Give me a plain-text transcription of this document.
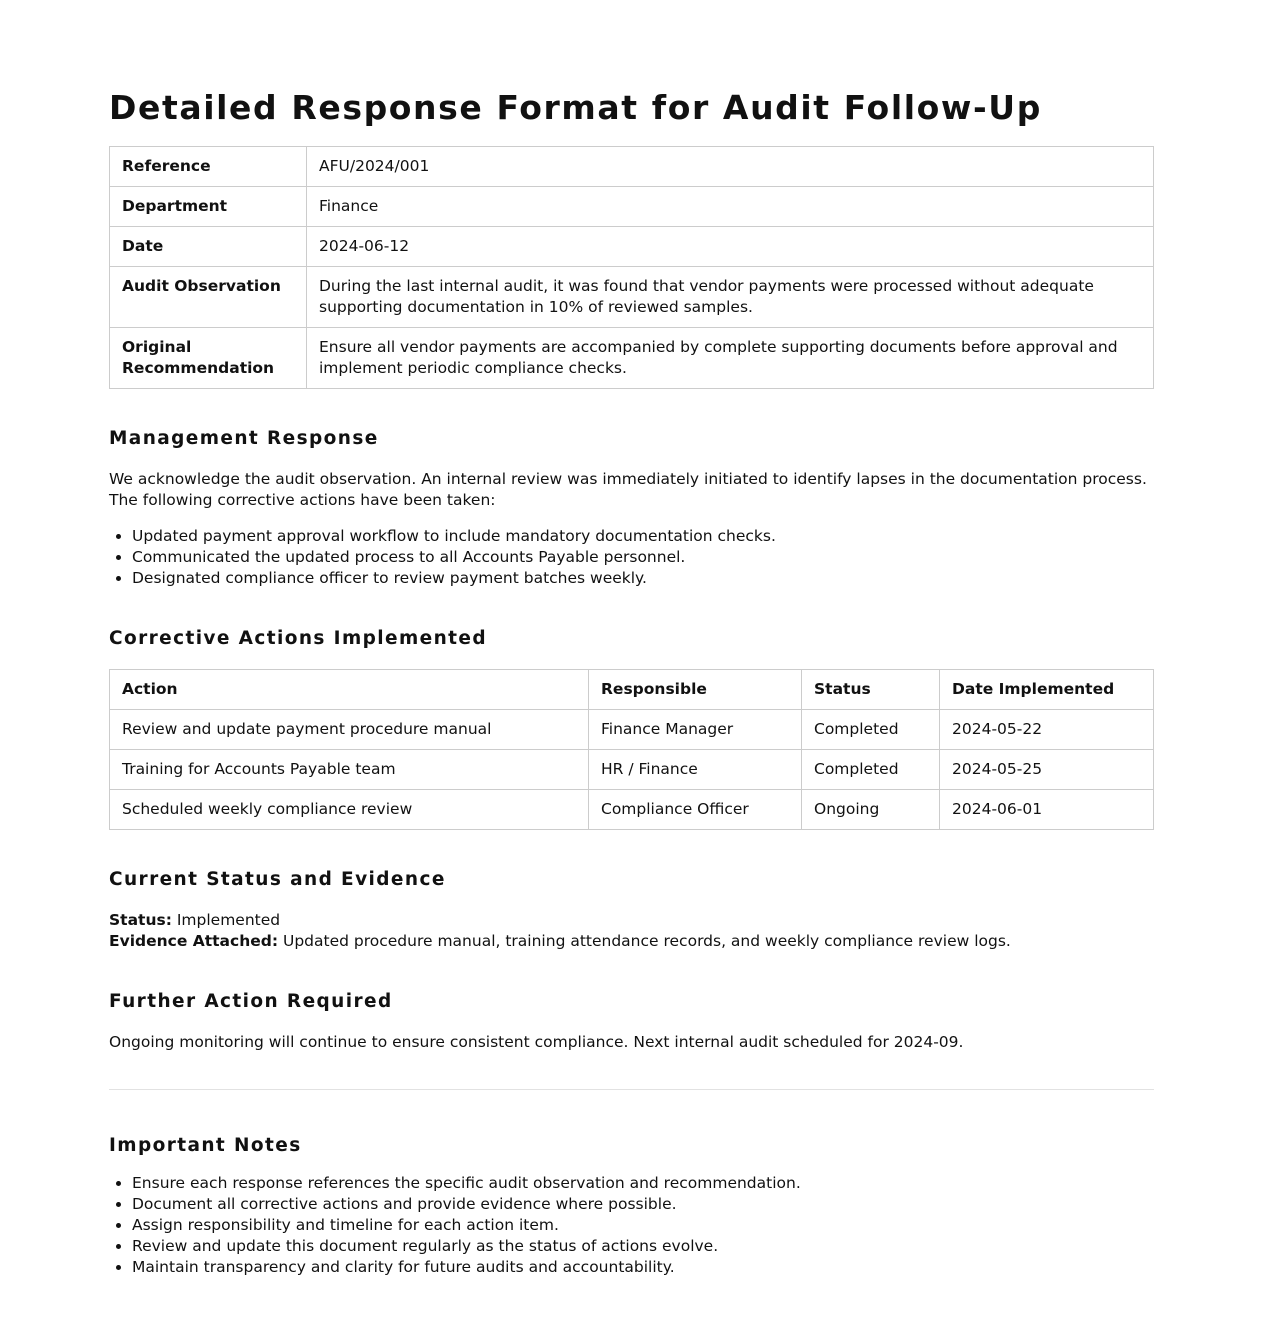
Detailed Response Format for Audit Follow-Up
Reference	AFU/2024/001
Department	Finance
Date	2024-06-12
Audit Observation	During the last internal audit, it was found that vendor payments were processed without adequate supporting documentation in 10% of reviewed samples.
Original Recommendation	Ensure all vendor payments are accompanied by complete supporting documents before approval and implement periodic compliance checks.
Management Response

We acknowledge the audit observation. An internal review was immediately initiated to identify lapses in the documentation process. The following corrective actions have been taken:

• Updated payment approval workflow to include mandatory documentation checks.
• Communicated the updated process to all Accounts Payable personnel.
• Designated compliance officer to review payment batches weekly.
Corrective Actions Implemented
Action	Responsible	Status	Date Implemented
Review and update payment procedure manual	Finance Manager	Completed	2024-05-22
Training for Accounts Payable team	HR / Finance	Completed	2024-05-25
Scheduled weekly compliance review	Compliance Officer	Ongoing	2024-06-01
Current Status and Evidence
Status: Implemented
Evidence Attached: Updated procedure manual, training attendance records, and weekly compliance review logs.
Further Action Required

Ongoing monitoring will continue to ensure consistent compliance. Next internal audit scheduled for 2024-09.

Important Notes
• Ensure each response references the specific audit observation and recommendation.
• Document all corrective actions and provide evidence where possible.
• Assign responsibility and timeline for each action item.
• Review and update this document regularly as the status of actions evolve.
• Maintain transparency and clarity for future audits and accountability.
